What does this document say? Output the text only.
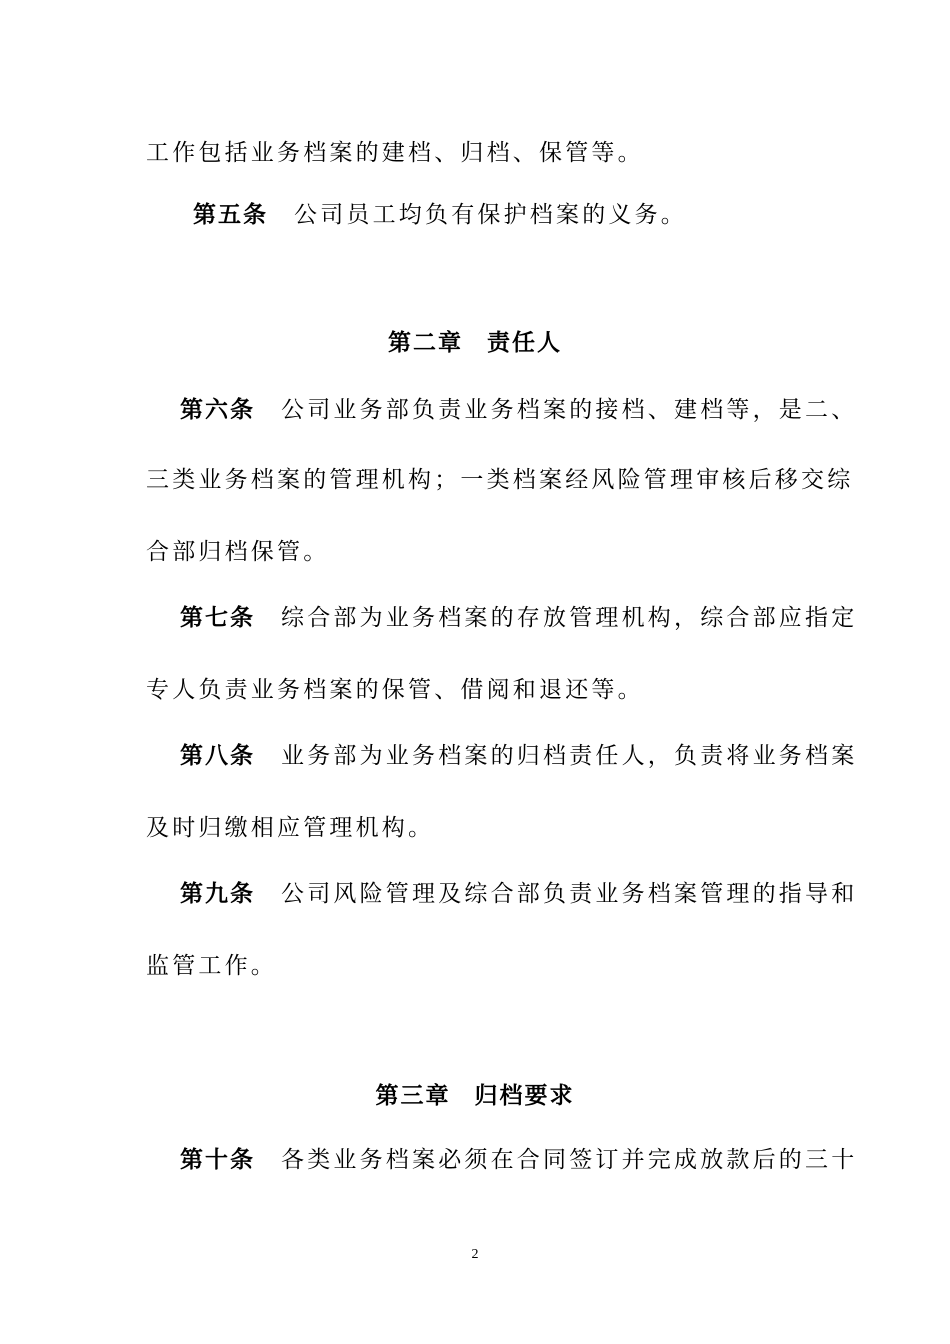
工作包括业务档案的建档、归档、保管等。
第五条 公司员工均负有保护档案的义务。
第二章 责任人
第六条 公司业务部负责业务档案的接档、建档等，是二、
三类业务档案的管理机构；一类档案经风险管理审核后移交综
合部归档保管。
第七条 综合部为业务档案的存放管理机构，综合部应指定
专人负责业务档案的保管、借阅和退还等。
第八条 业务部为业务档案的归档责任人，负责将业务档案
及时归缴相应管理机构。
第九条 公司风险管理及综合部负责业务档案管理的指导和
监管工作。
第三章 归档要求
第十条 各类业务档案必须在合同签订并完成放款后的三十
2
